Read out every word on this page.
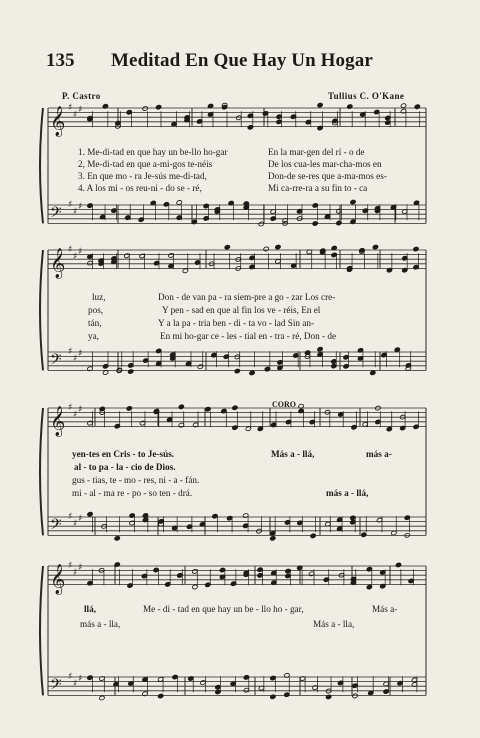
𝄞 ♯
♯ ♯
𝄢 ♯
♯ ♯
𝄞 ♯
♯ ♯
𝄢 ♯
♯ ♯
𝄞 ♯
♯ ♯
𝄢 ♯
♯ ♯
𝄞 ♯
♯ ♯
𝄢 ♯
♯ ♯
135 Meditad En Que Hay Un Hogar
P. Castro	Tullius C. O'Kane
CORO
1. Me-di-tad en que hay un be-llo ho-gar	En la mar-gen del rí - o de
2, Me-di-tad en que a-mi-gos te-néis	De los cua-les mar-cha-mos en
3. En que mo - ra Je-sús me-di-tad,	Don-de se-res que a-ma-mos es-
4. A los mi - os reu-ni - do se - ré,	Mi ca-rre-ra a su fin to - ca
luz,	Don - de van pa - ra siem-pre a go - zar Los cre-
pos,	Y pen - sad en que al fin los ve - réis, En el
tán,	Y a la pa - tria ben - di - ta vo - lad Sin an-
ya,	En mi ho-gar ce - les - tial en - tra - ré, Don - de
yen-tes en Cris - to Je-sús.	Más a - llá,	más a-
al - to pa - la - cio de Dios.
gus - tias, te - mo - res, ni - a - fán.
mi - al - ma re - po - so ten - drá.	más a - llá,
llá,	Me - di - tad en que hay un be - llo ho - gar,	Más a-
más a - lla,	Más a - lla,
